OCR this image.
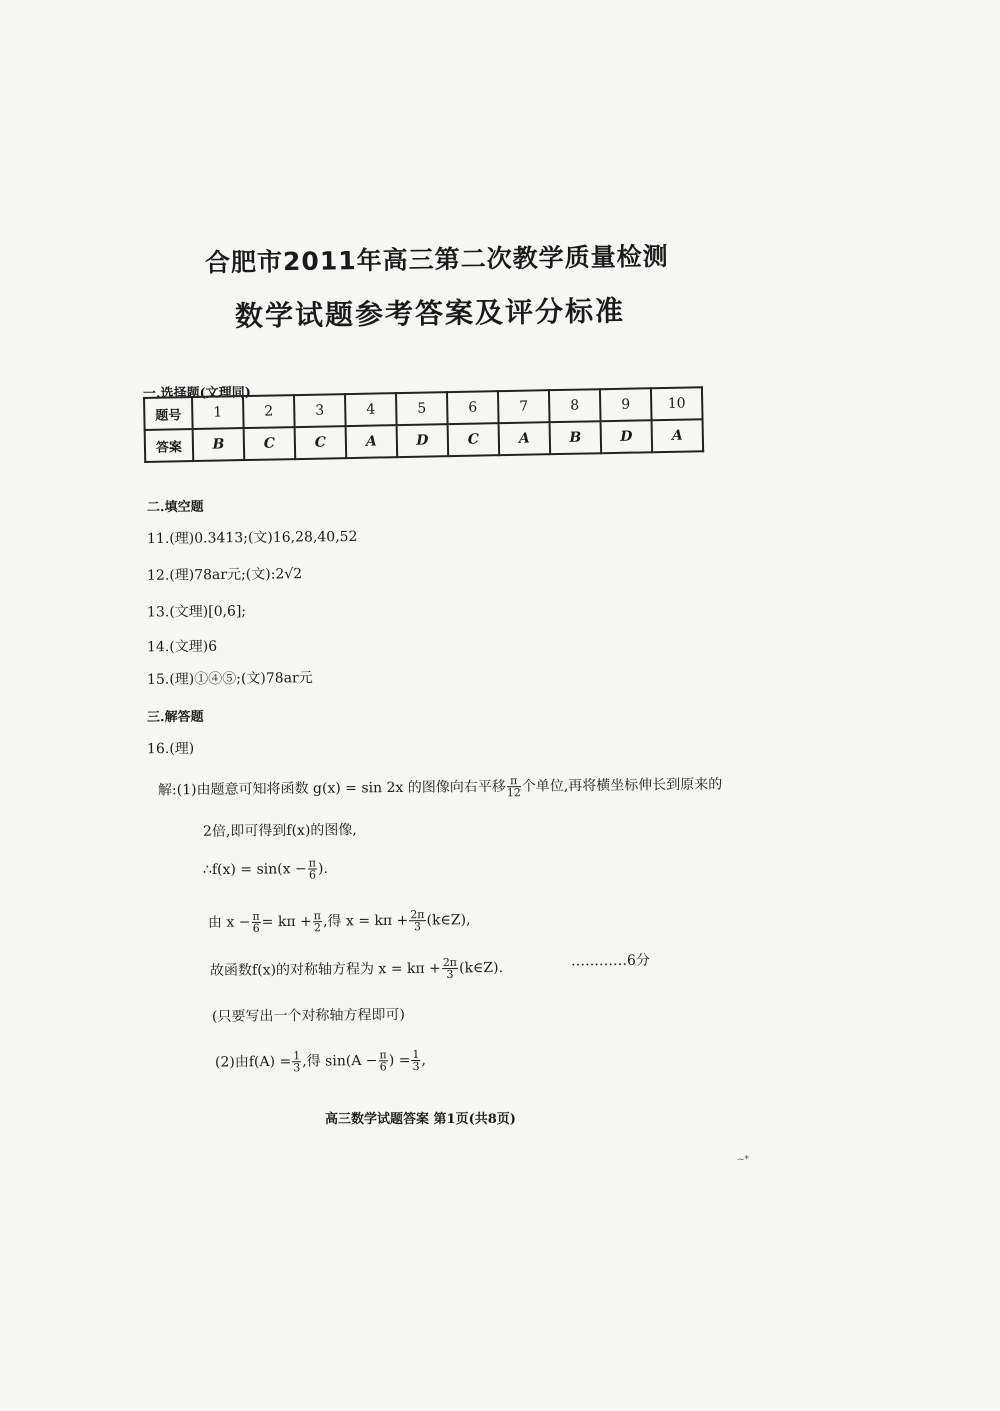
合肥市2011年高三第二次教学质量检测
数学试题参考答案及评分标准
一.选择题(文理同)
题号	1	2	3	4	5	6	7	8	9	10
答案	B	C	C	A	D	C	A	B	D	A
二.填空题
11.(理)0.3413;(文)16,28,40,52
12.(理)78ar元;(文):2√2
13.(文理)[0,6];
14.(文理)6
15.(理)①④⑤;(文)78ar元
三.解答题
16.(理)
解:(1)由题意可知将函数 g(x) = sin 2x 的图像向右平移 $\frac{\pi}{12}$ 个单位,再将横坐标伸长到原来的
2倍,即可得到f(x)的图像,
∴f(x) = $\sin(x - \frac{\pi}{6}$ ).
由 $x - \frac{\pi}{6} = k\pi + \frac{\pi}{2}$ ,得 $x = k\pi + \frac{2\pi}{3}$ (k∈Z),
故函数f(x)的对称轴方程为 $x = k\pi + \frac{2\pi}{3}$ (k∈Z).	…………6分
(只要写出一个对称轴方程即可)
(2)由$f(A) = \frac{1}{3}$ ,得 $\sin(A - \frac{\pi}{6}$ ) = $\frac{1}{3}$ ,
高三数学试题答案 第1页(共8页)
~*
